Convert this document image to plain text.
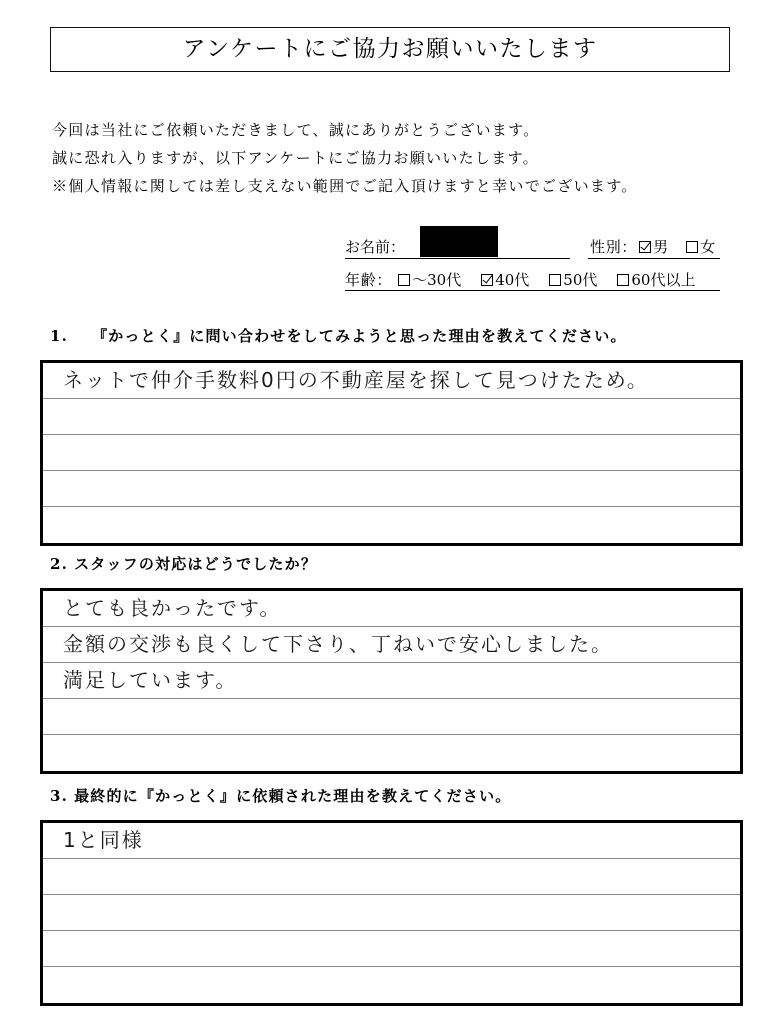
アンケートにご協力お願いいたします
今回は当社にご依頼いただきまして、誠にありがとうございます。
誠に恐れ入りますが、以下アンケートにご協力お願いいたします。
※個人情報に関しては差し支えない範囲でご記入頂けますと幸いでございます。
お名前：	性別： 男 女
年齢： ～30代 40代 50代 60代以上
1. 『かっとく』に問い合わせをしてみようと思った理由を教えてください。
ネットで仲介手数料0円の不動産屋を探して見つけたため。
2. スタッフの対応はどうでしたか？
とても良かったです。
金額の交渉も良くして下さり、丁ねいで安心しました。
満足しています。
3. 最終的に『かっとく』に依頼された理由を教えてください。
1と同様
